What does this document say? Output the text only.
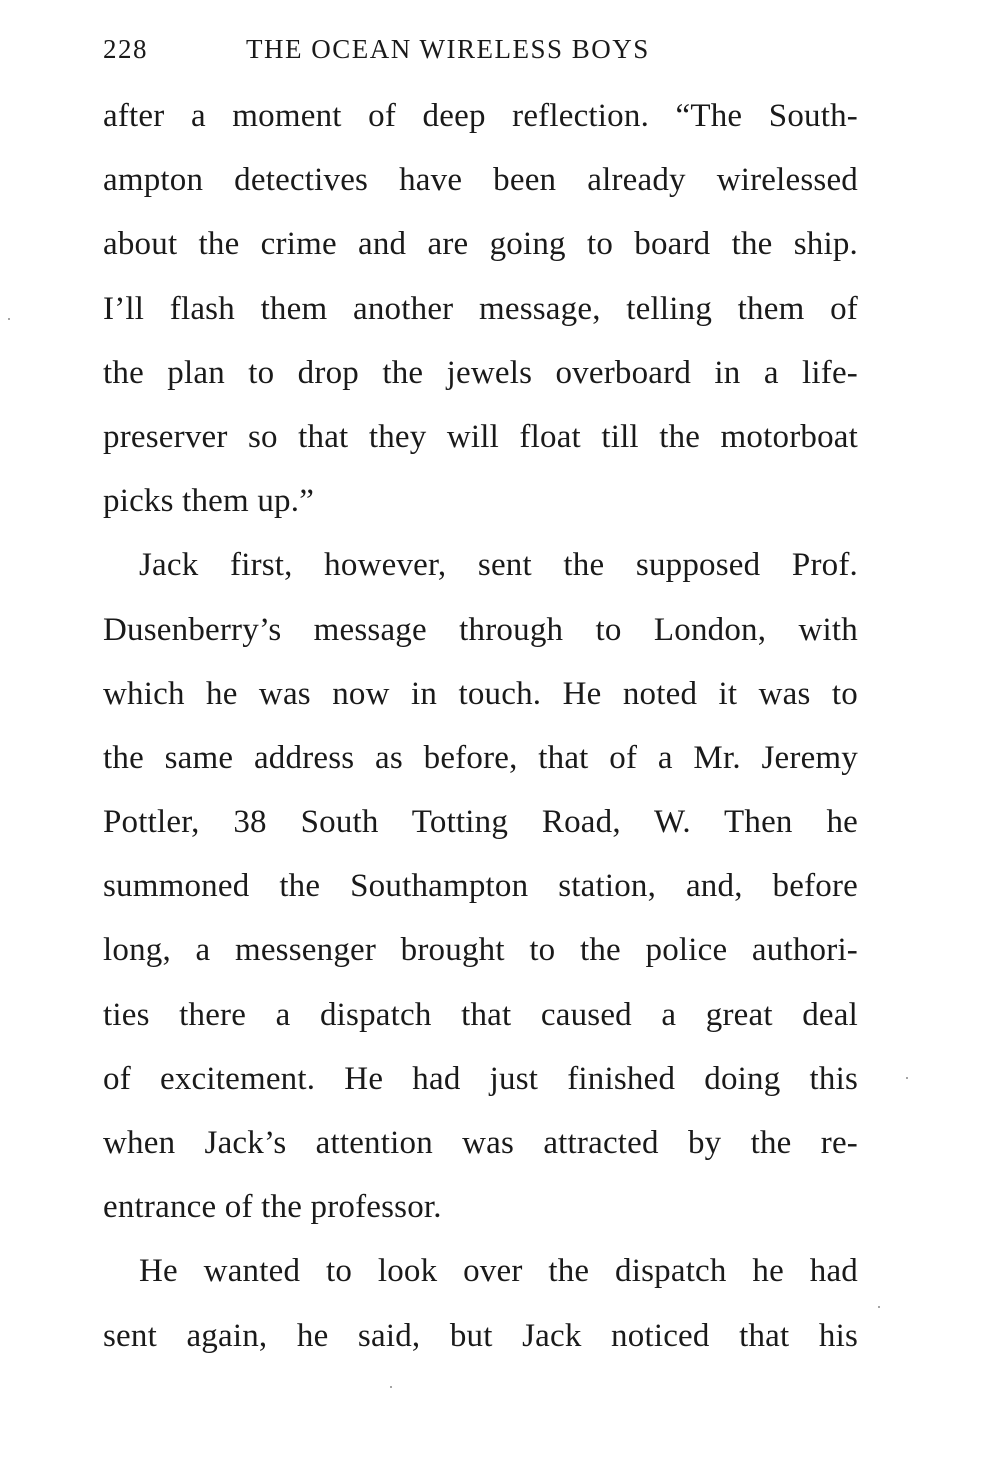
228	THE OCEAN WIRELESS BOYS
after a moment of deep reflection. “The South-
ampton detectives have been already wirelessed
about the crime and are going to board the ship.
I’ll flash them another message, telling them of
the plan to drop the jewels overboard in a life-
preserver so that they will float till the motorboat
picks them up.”
Jack first, however, sent the supposed Prof.
Dusenberry’s message through to London, with
which he was now in touch. He noted it was to
the same address as before, that of a Mr. Jeremy
Pottler, 38 South Totting Road, W. Then he
summoned the Southampton station, and, before
long, a messenger brought to the police authori-
ties there a dispatch that caused a great deal
of excitement. He had just finished doing this
when Jack’s attention was attracted by the re-
entrance of the professor.
He wanted to look over the dispatch he had
sent again, he said, but Jack noticed that his
